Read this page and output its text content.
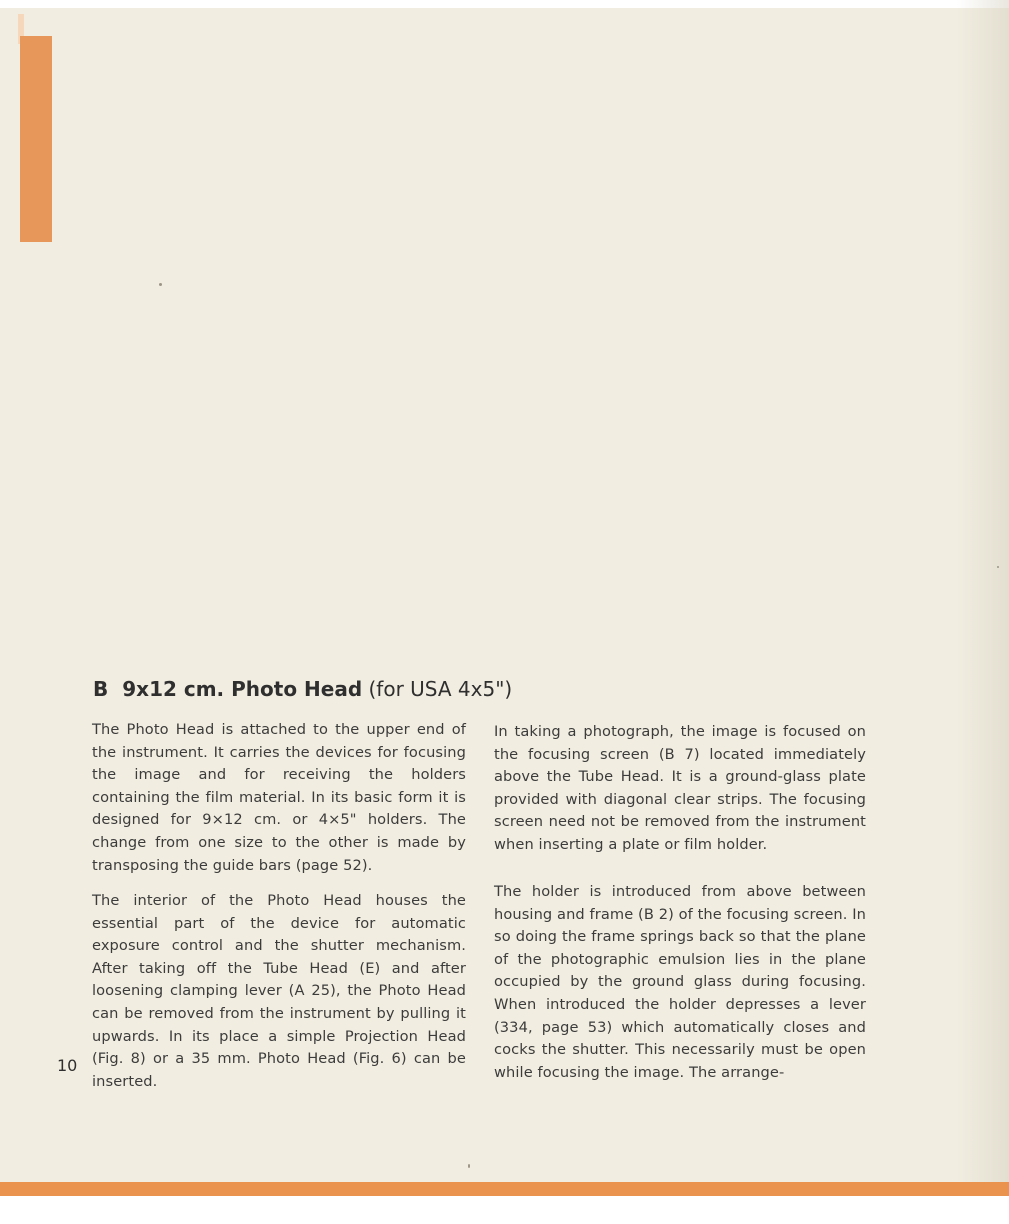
B 9x12 cm. Photo Head (for USA 4x5")
The Photo Head is attached to the upper end of the instrument. It carries the devices for focusing the image and for receiving the holders containing the film material. In its basic form it is designed for 9×12 cm. or 4×5" holders. The change from one size to the other is made by transposing the guide bars (page 52).
The interior of the Photo Head houses the essential part of the device for automatic exposure control and the shutter mechanism. After taking off the Tube Head (E) and after loosening clamping lever (A 25), the Photo Head can be removed from the instrument by pulling it upwards. In its place a simple Projection Head (Fig. 8) or a 35 mm. Photo Head (Fig. 6) can be inserted.
In taking a photograph, the image is focused on the focusing screen (B 7) located immediately above the Tube Head. It is a ground-glass plate provided with diagonal clear strips. The focusing screen need not be removed from the instrument when inserting a plate or film holder.
The holder is introduced from above between housing and frame (B 2) of the focusing screen. In so doing the frame springs back so that the plane of the photographic emulsion lies in the plane occupied by the ground glass during focusing. When introduced the holder depresses a lever (334, page 53) which automatically closes and cocks the shutter. This necessarily must be open while focusing the image. The arrange-
10
